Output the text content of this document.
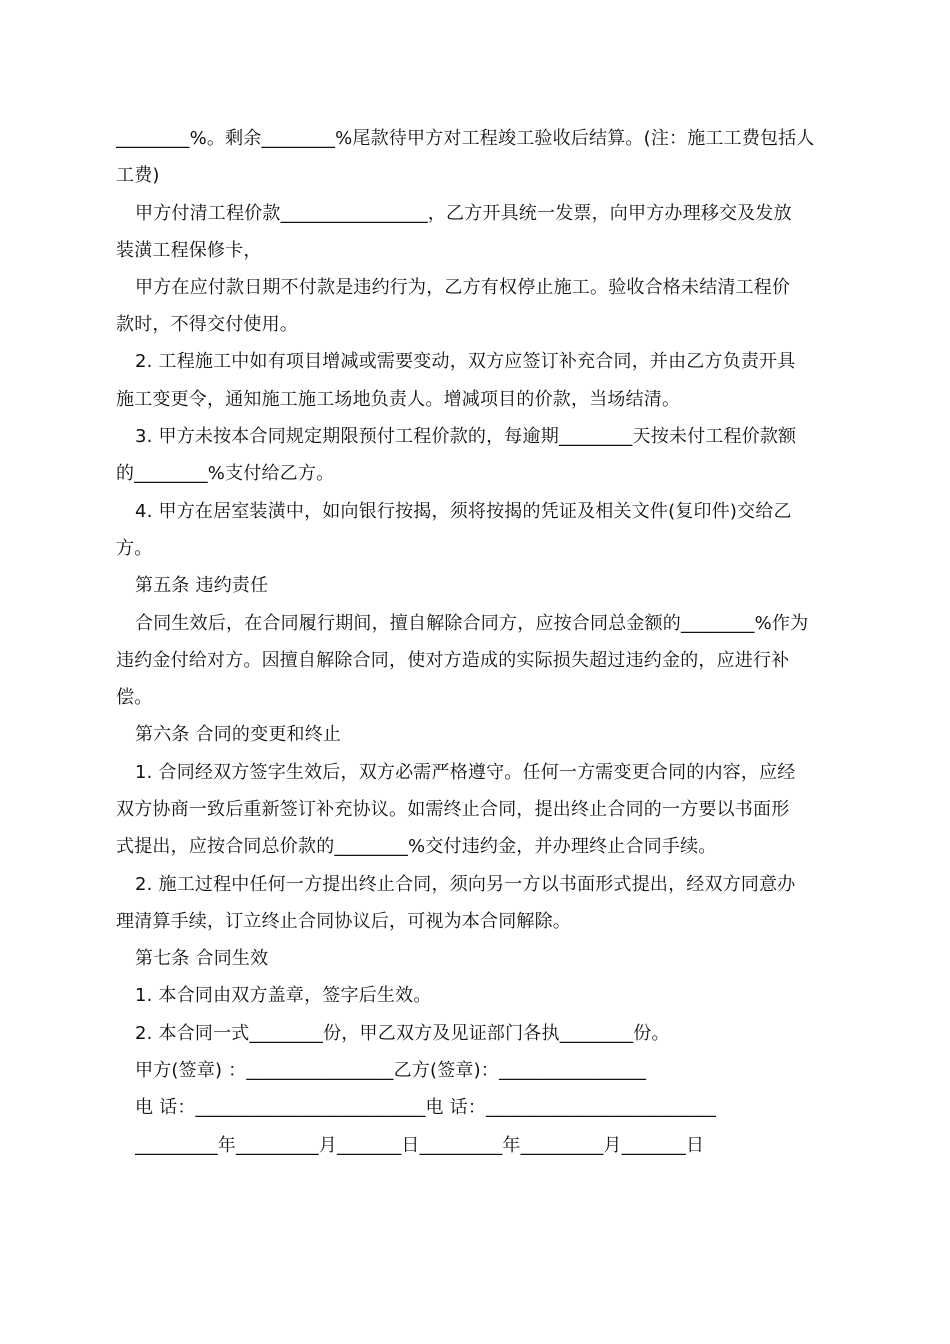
________%。剩余________%尾款待甲方对工程竣工验收后结算。(注：施工工费包括人
工费)
甲方付清工程价款________________，乙方开具统一发票，向甲方办理移交及发放
装潢工程保修卡，
甲方在应付款日期不付款是违约行为，乙方有权停止施工。验收合格未结清工程价
款时，不得交付使用。
2. 工程施工中如有项目增减或需要变动，双方应签订补充合同，并由乙方负责开具
施工变更令，通知施工施工场地负责人。增减项目的价款，当场结清。
3. 甲方未按本合同规定期限预付工程价款的，每逾期________天按未付工程价款额
的________%支付给乙方。
4. 甲方在居室装潢中，如向银行按揭，须将按揭的凭证及相关文件(复印件)交给乙
方。
第五条 违约责任
合同生效后，在合同履行期间，擅自解除合同方，应按合同总金额的________%作为
违约金付给对方。因擅自解除合同，使对方造成的实际损失超过违约金的，应进行补
偿。
第六条 合同的变更和终止
1. 合同经双方签字生效后，双方必需严格遵守。任何一方需变更合同的内容，应经
双方协商一致后重新签订补充协议。如需终止合同，提出终止合同的一方要以书面形
式提出，应按合同总价款的________%交付违约金，并办理终止合同手续。
2. 施工过程中任何一方提出终止合同，须向另一方以书面形式提出，经双方同意办
理清算手续，订立终止合同协议后，可视为本合同解除。
第七条 合同生效
1. 本合同由双方盖章，签字后生效。
2. 本合同一式________份，甲乙双方及见证部门各执________份。
甲方(签章) ：________________乙方(签章)：________________
电 话：_________________________电 话：_________________________
_________年_________月_______日_________年_________月_______日
